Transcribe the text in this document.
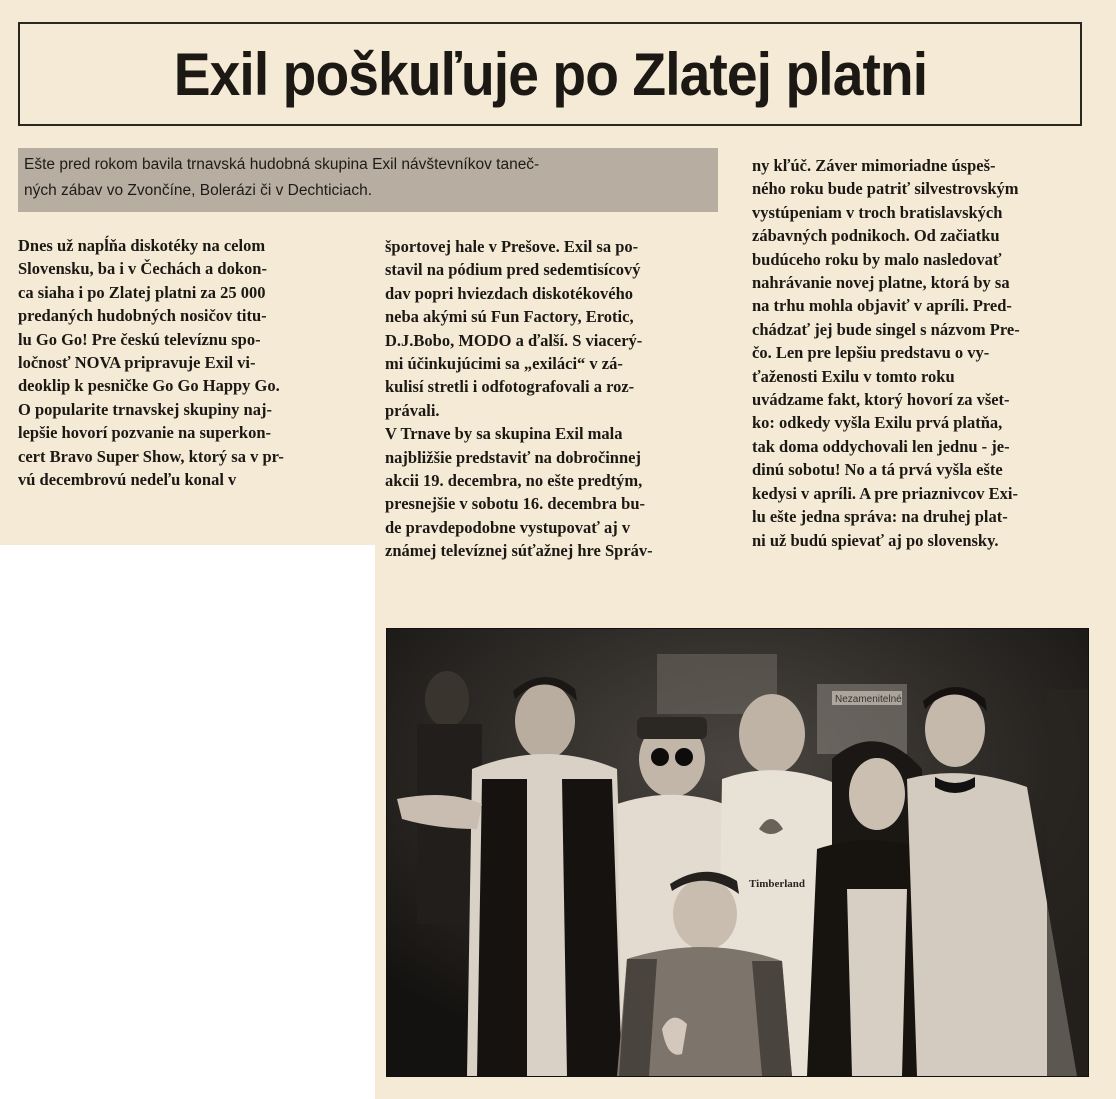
Exil poškuľuje po Zlatej platni

Ešte pred rokom bavila trnavská hudobná skupina Exil návštevníkov taneč-

ných zábav vo Zvončíne, Bolerázi či v Dechticiach.

Dnes už napĺňa diskotéky na celom

Slovensku, ba i v Čechách a dokon-

ca siaha i po Zlatej platni za 25 000

predaných hudobných nosičov titu-

lu Go Go! Pre českú televíznu spo-

ločnosť NOVA pripravuje Exil vi-

deoklip k pesničke Go Go Happy Go.

O popularite trnavskej skupiny naj-

lepšie hovorí pozvanie na superkon-

cert Bravo Super Show, ktorý sa v pr-

vú decembrovú nedeľu konal v

športovej hale v Prešove. Exil sa po-

stavil na pódium pred sedemtisícový

dav popri hviezdach diskotékového

neba akými sú Fun Factory, Erotic,

D.J.Bobo, MODO a ďalší. S viacerý-

mi účinkujúcimi sa „exiláci“ v zá-

kulisí stretli i odfotografovali a roz-

právali.

V Trnave by sa skupina Exil mala

najbližšie predstaviť na dobročinnej

akcii 19. decembra, no ešte predtým,

presnejšie v sobotu 16. decembra bu-

de pravdepodobne vystupovať aj v

známej televíznej súťažnej hre Správ-

ny kľúč. Záver mimoriadne úspeš-

ného roku bude patriť silvestrovským

vystúpeniam v troch bratislavských

zábavných podnikoch. Od začiatku

budúceho roku by malo nasledovať

nahrávanie novej platne, ktorá by sa

na trhu mohla objaviť v apríli. Pred-

chádzať jej bude singel s názvom Pre-

čo. Len pre lepšiu predstavu o vy-

ťaženosti Exilu v tomto roku

uvádzame fakt, ktorý hovorí za všet-

ko: odkedy vyšla Exilu prvá platňa,

tak doma oddychovali len jednu - je-

dinú sobotu! No a tá prvá vyšla ešte

kedysi v apríli. A pre priaznivcov Exi-

lu ešte jedna správa: na druhej plat-

ni už budú spievať aj po slovensky.

Nezamenitelné
Timberland
